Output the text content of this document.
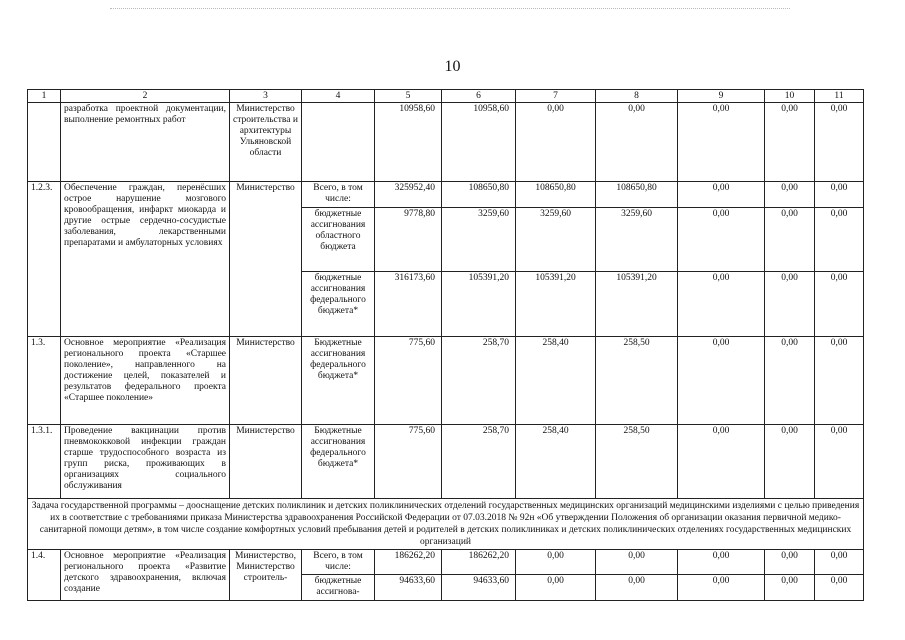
10
1	2	3	4	5	6	7	8	9	10	11
	разработка проектной документации, выполнение ремонтных работ	Министерство строительства и архитектуры Ульяновской области		10958,60	10958,60	0,00	0,00	0,00	0,00	0,00
1.2.3.	Обеспечение граждан, перенёсших острое нарушение мозгового кровообращения, инфаркт миокарда и другие острые сердечно-сосудистые заболевания, лекарственными препаратами и амбулаторных условиях	Министерство	Всего, в том числе:	325952,40	108650,80	108650,80	108650,80	0,00	0,00	0,00
			бюджетные ассигнования областного бюджета	9778,80	3259,60	3259,60	3259,60	0,00	0,00	0,00
			бюджетные ассигнования федерального бюджета*	316173,60	105391,20	105391,20	105391,20	0,00	0,00	0,00
1.3.	Основное мероприятие «Реализация регионального проекта «Старшее поколение», направленного на достижение целей, показателей и результатов федерального проекта «Старшее поколение»	Министерство	Бюджетные ассигнования федерального бюджета*	775,60	258,70	258,40	258,50	0,00	0,00	0,00
1.3.1.	Проведение вакцинации против пневмококковой инфекции граждан старше трудоспособного возраста из групп риска, проживающих в организациях социального обслуживания	Министерство	Бюджетные ассигнования федерального бюджета*	775,60	258,70	258,40	258,50	0,00	0,00	0,00
Задача государственной программы – дооснащение детских поликлиник и детских поликлинических отделений государственных медицинских организаций медицинскими изделиями с целью приведения их в соответствие с требованиями приказа Министерства здравоохранения Российской Федерации от 07.03.2018 № 92н «Об утверждении Положения об организации оказания первичной медико-санитарной помощи детям», в том числе создание комфортных условий пребывания детей и родителей в детских поликлиниках и детских поликлинических отделениях государственных медицинских организаций										
1.4.	Основное мероприятие «Реализация регионального проекта «Развитие детского здравоохранения, включая создание	Министерство, Министерство строитель-	Всего, в том числе:	186262,20	186262,20	0,00	0,00	0,00	0,00	0,00
			бюджетные ассигнова-	94633,60	94633,60	0,00	0,00	0,00	0,00	0,00
